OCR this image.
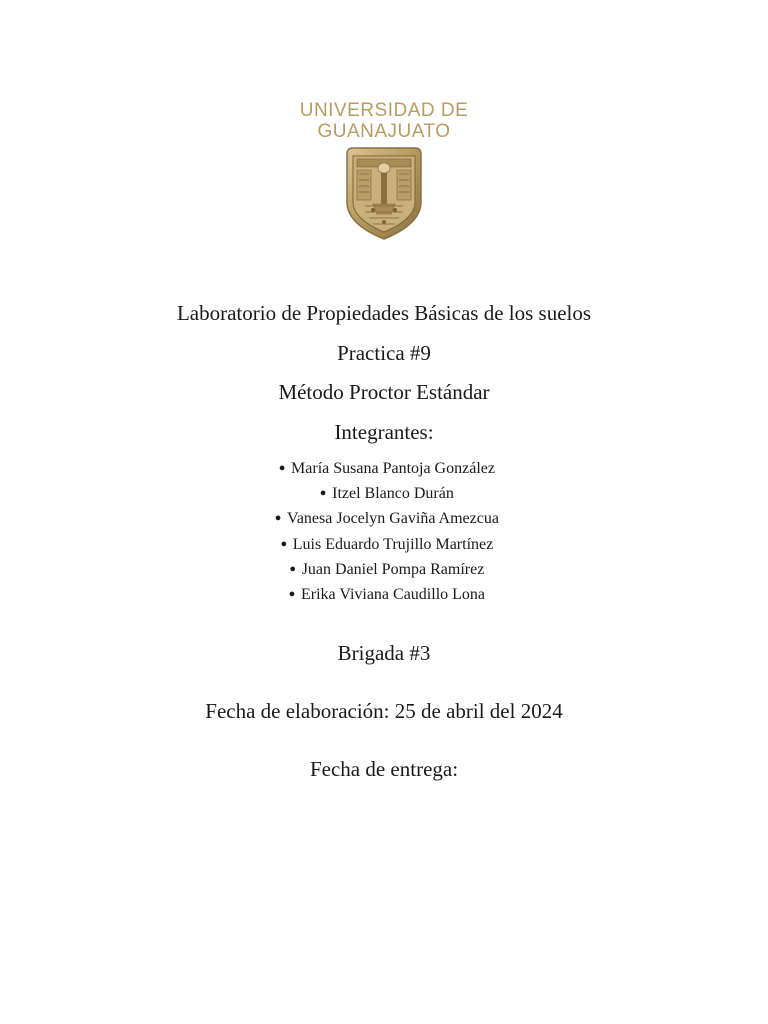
UNIVERSIDAD DE
GUANAJUATO
Laboratorio de Propiedades Básicas de los suelos
Practica #9
Método Proctor Estándar
Integrantes:
● María Susana Pantoja González
● Itzel Blanco Durán
● Vanesa Jocelyn Gaviña Amezcua
● Luis Eduardo Trujillo Martínez
● Juan Daniel Pompa Ramírez
● Erika Viviana Caudillo Lona
Brigada #3
Fecha de elaboración: 25 de abril del 2024
Fecha de entrega:
